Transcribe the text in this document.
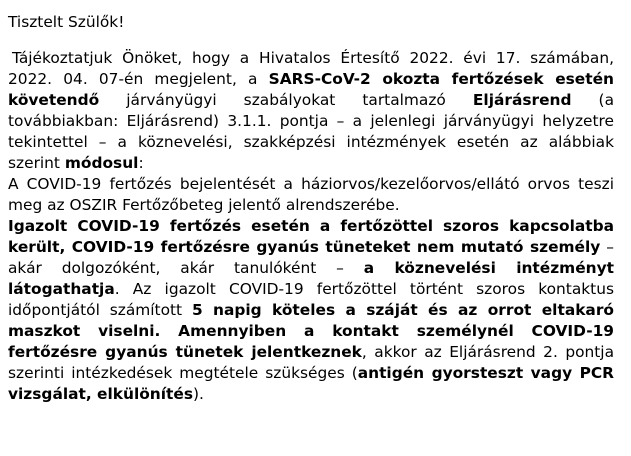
Tisztelt Szülők!

Tájékoztatjuk Önöket, hogy a Hivatalos Értesítő 2022. évi 17. számában, 2022. 04. 07-én megjelent, a SARS-CoV-2 okozta fertőzések esetén követendő járványügyi szabályokat tartalmazó Eljárásrend (a továbbiakban: Eljárásrend) 3.1.1. pontja – a jelenlegi járványügyi helyzetre tekintettel – a köznevelési, szakképzési intézmények esetén az alábbiak szerint módosul:

A COVID-19 fertőzés bejelentését a háziorvos/kezelőorvos/ellátó orvos teszi meg az OSZIR Fertőzőbeteg jelentő alrendszerébe.

Igazolt COVID-19 fertőzés esetén a fertőzöttel szoros kapcsolatba került, COVID-19 fertőzésre gyanús tüneteket nem mutató személy – akár dolgozóként, akár tanulóként – a köznevelési intézményt látogathatja. Az igazolt COVID-19 fertőzöttel történt szoros kontaktus időpontjától számított 5 napig köteles a száját és az orrot eltakaró maszkot viselni. Amennyiben a kontakt személynél COVID-19 fertőzésre gyanús tünetek jelentkeznek, akkor az Eljárásrend 2. pontja szerinti intézkedések megtétele szükséges (antigén gyorsteszt vagy PCR vizsgálat, elkülönítés).
